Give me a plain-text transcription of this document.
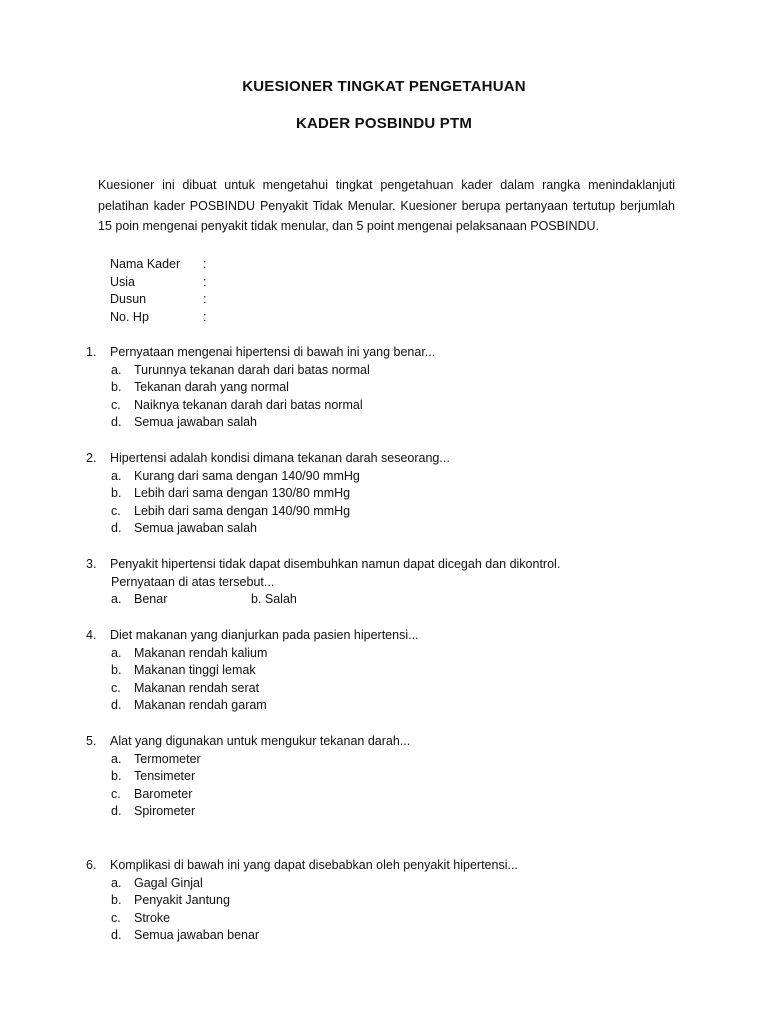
KUESIONER TINGKAT PENGETAHUAN
KADER POSBINDU PTM
Kuesioner ini dibuat untuk mengetahui tingkat pengetahuan kader dalam rangka menindaklanjuti pelatihan kader POSBINDU Penyakit Tidak Menular. Kuesioner berupa pertanyaan tertutup berjumlah 15 poin mengenai penyakit tidak menular, dan 5 point mengenai pelaksanaan POSBINDU.
Nama Kader	:
Usia	:
Dusun	:
No. Hp	:
1.	Pernyataan mengenai hipertensi di bawah ini yang benar...
a.	Turunnya tekanan darah dari batas normal
b.	Tekanan darah yang normal
c.	Naiknya tekanan darah dari batas normal
d.	Semua jawaban salah
2.	Hipertensi adalah kondisi dimana tekanan darah seseorang...
a.	Kurang dari sama dengan 140/90 mmHg
b.	Lebih dari sama dengan 130/80 mmHg
c.	Lebih dari sama dengan 140/90 mmHg
d.	Semua jawaban salah
3.	Penyakit hipertensi tidak dapat disembuhkan namun dapat dicegah dan dikontrol.
Pernyataan di atas tersebut...
a.	Benar	b. Salah
4.	Diet makanan yang dianjurkan pada pasien hipertensi...
a.	Makanan rendah kalium
b.	Makanan tinggi lemak
c.	Makanan rendah serat
d.	Makanan rendah garam
5.	Alat yang digunakan untuk mengukur tekanan darah...
a.	Termometer
b.	Tensimeter
c.	Barometer
d.	Spirometer
6.	Komplikasi di bawah ini yang dapat disebabkan oleh penyakit hipertensi...
a.	Gagal Ginjal
b.	Penyakit Jantung
c.	Stroke
d.	Semua jawaban benar
